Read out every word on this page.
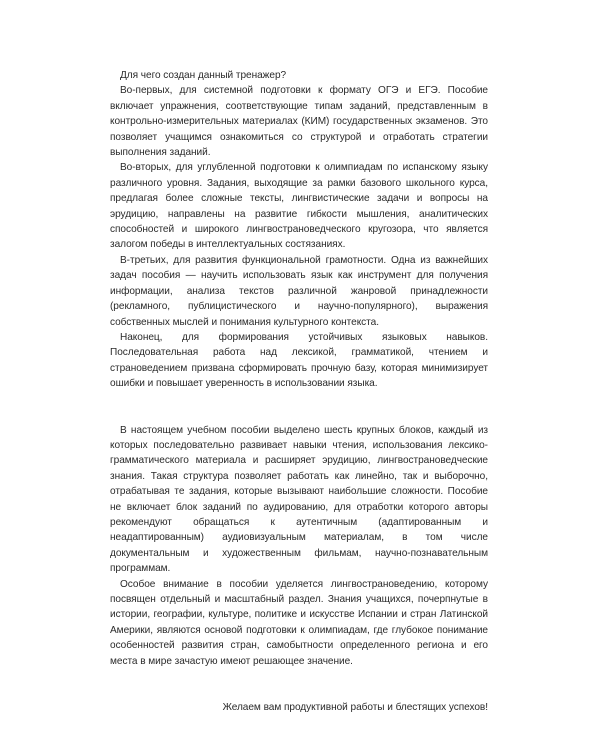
Для чего создан данный тренажер?

Во-первых, для системной подготовки к формату ОГЭ и ЕГЭ. Пособие включает упражнения, соответствующие типам заданий, представленным в контрольно-измерительных материалах (КИМ) государственных экзаменов. Это позволяет учащимся ознакомиться со структурой и отработать стратегии выполнения заданий.

Во-вторых, для углубленной подготовки к олимпиадам по испанскому языку различного уровня. Задания, выходящие за рамки базового школьного курса, предлагая более сложные тексты, лингвистические задачи и вопросы на эрудицию, направлены на развитие гибкости мышления, аналитических способностей и широкого лингвострановедческого кругозора, что является залогом победы в интеллектуальных состязаниях.

В-третьих, для развития функциональной грамотности. Одна из важнейших задач пособия — научить использовать язык как инструмент для получения информации, анализа текстов различной жанровой принадлежности (рекламного, публицистического и научно-популярного), выражения собственных мыслей и понимания культурного контекста.

Наконец, для формирования устойчивых языковых навыков. Последовательная работа над лексикой, грамматикой, чтением и страноведением призвана сформировать прочную базу, которая минимизирует ошибки и повышает уверенность в использовании языка.

В настоящем учебном пособии выделено шесть крупных блоков, каждый из которых последовательно развивает навыки чтения, использования лексико-грамматического материала и расширяет эрудицию, лингвострановедческие знания. Такая структура позволяет работать как линейно, так и выборочно, отрабатывая те задания, которые вызывают наибольшие сложности. Пособие не включает блок заданий по аудированию, для отработки которого авторы рекомендуют обращаться к аутентичным (адаптированным и неадаптированным) аудиовизуальным материалам, в том числе документальным и художественным фильмам, научно-познавательным программам.

Особое внимание в пособии уделяется лингвострановедению, которому посвящен отдельный и масштабный раздел. Знания учащихся, почерпнутые в истории, географии, культуре, политике и искусстве Испании и стран Латинской Америки, являются основой подготовки к олимпиадам, где глубокое понимание особенностей развития стран, самобытности определенного региона и его места в мире зачастую имеют решающее значение.

Желаем вам продуктивной работы и блестящих успехов!
